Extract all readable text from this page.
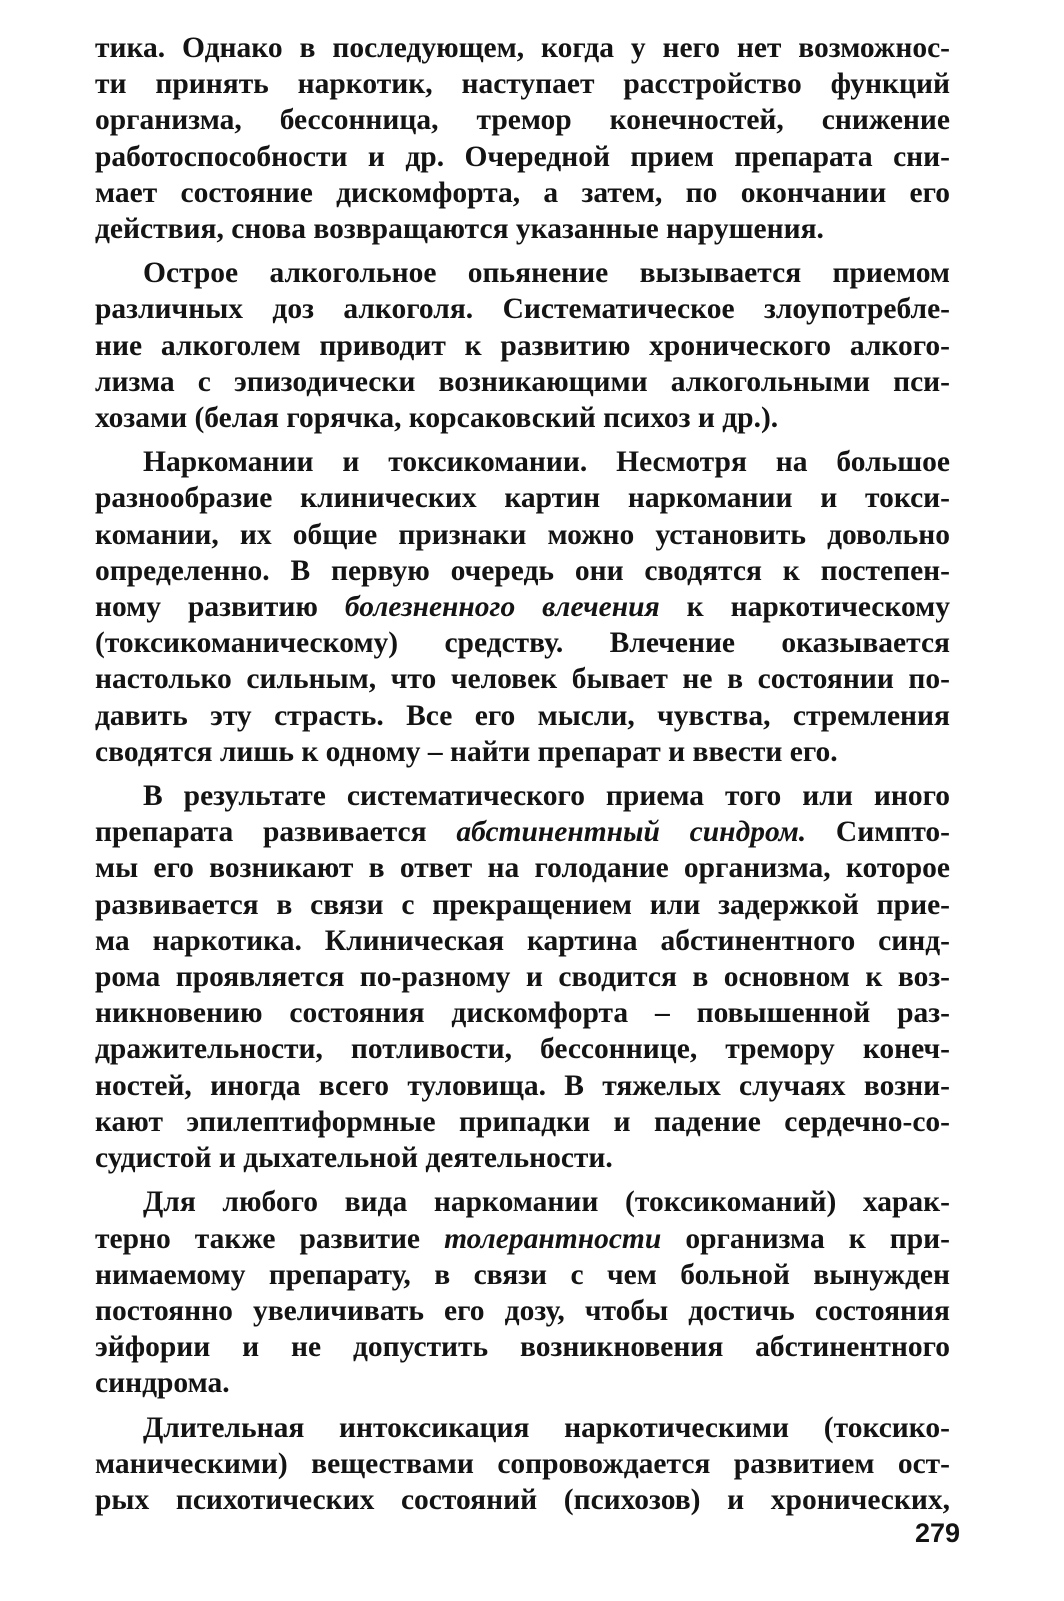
тика. Однако в последующем, когда у него нет возможнос-
ти принять наркотик, наступает расстройство функций
организма, бессонница, тремор конечностей, снижение
работоспособности и др. Очередной прием препарата сни-
мает состояние дискомфорта, а затем, по окончании его
действия, снова возвращаются указанные нарушения.

Острое алкогольное опьянение вызывается приемом
различных доз алкоголя. Систематическое злоупотребле-
ние алкоголем приводит к развитию хронического алкого-
лизма с эпизодически возникающими алкогольными пси-
хозами (белая горячка, корсаковский психоз и др.).

Наркомании и токсикомании. Несмотря на большое
разнообразие клинических картин наркомании и токси-
комании, их общие признаки можно установить довольно
определенно. В первую очередь они сводятся к постепен-
ному развитию болезненного влечения к наркотическому
(токсикоманическому) средству. Влечение оказывается
настолько сильным, что человек бывает не в состоянии по-
давить эту страсть. Все его мысли, чувства, стремления
сводятся лишь к одному – найти препарат и ввести его.

В результате систематического приема того или иного
препарата развивается абстинентный синдром. Симпто-
мы его возникают в ответ на голодание организма, которое
развивается в связи с прекращением или задержкой прие-
ма наркотика. Клиническая картина абстинентного синд-
рома проявляется по-разному и сводится в основном к воз-
никновению состояния дискомфорта – повышенной раз-
дражительности, потливости, бессоннице, тремору конеч-
ностей, иногда всего туловища. В тяжелых случаях возни-
кают эпилептиформные припадки и падение сердечно-со-
судистой и дыхательной деятельности.

Для любого вида наркомании (токсикоманий) харак-
терно также развитие толерантности организма к при-
нимаемому препарату, в связи с чем больной вынужден
постоянно увеличивать его дозу, чтобы достичь состояния
эйфории и не допустить возникновения абстинентного
синдрома.

Длительная интоксикация наркотическими (токсико-
маническими) веществами сопровождается развитием ост-
рых психотических состояний (психозов) и хронических,

279
